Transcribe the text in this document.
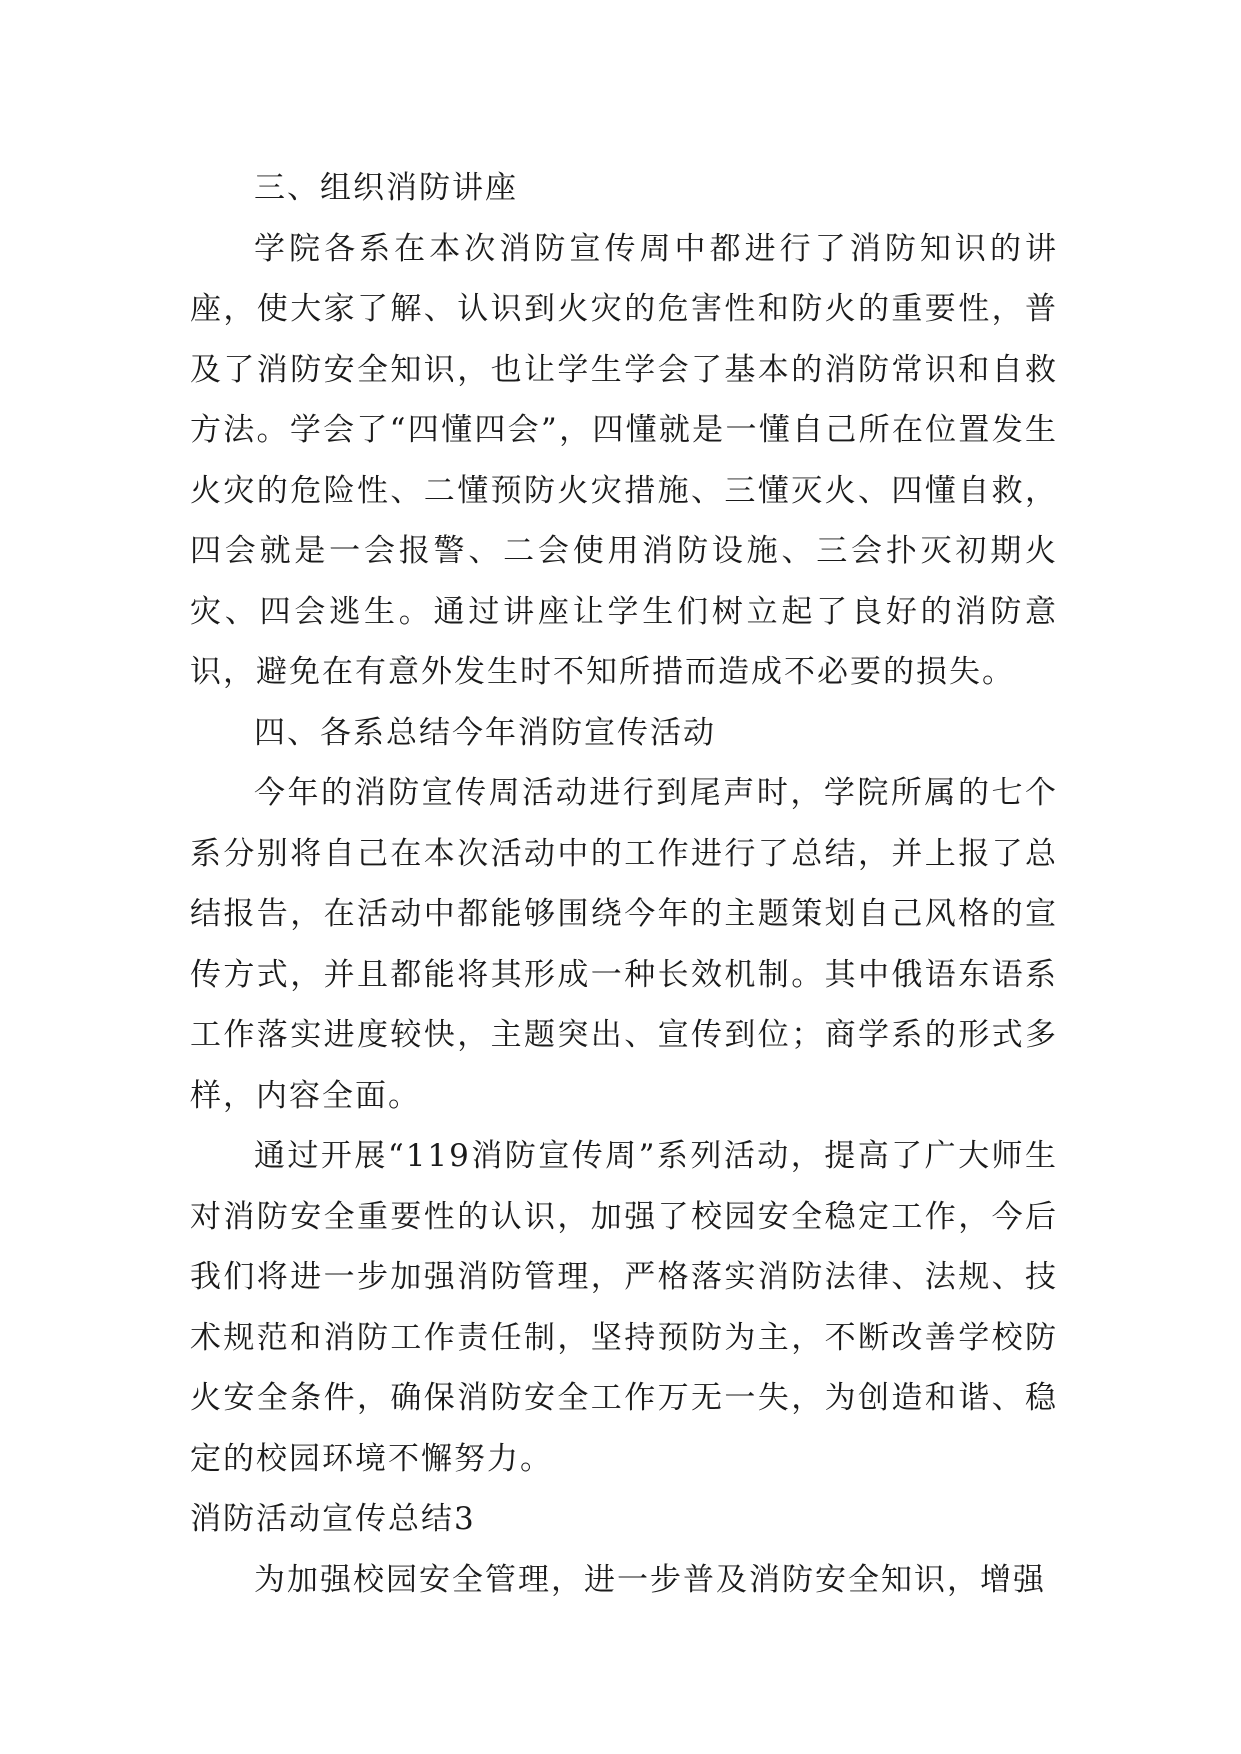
三、组织消防讲座

学院各系在本次消防宣传周中都进行了消防知识的讲座，使大家了解、认识到火灾的危害性和防火的重要性，普及了消防安全知识，也让学生学会了基本的消防常识和自救方法。学会了“四懂四会”，四懂就是一懂自己所在位置发生火灾的危险性、二懂预防火灾措施、三懂灭火、四懂自救，四会就是一会报警、二会使用消防设施、三会扑灭初期火灾、四会逃生。通过讲座让学生们树立起了良好的消防意识，避免在有意外发生时不知所措而造成不必要的损失。

四、各系总结今年消防宣传活动

今年的消防宣传周活动进行到尾声时，学院所属的七个系分别将自己在本次活动中的工作进行了总结，并上报了总结报告，在活动中都能够围绕今年的主题策划自己风格的宣传方式，并且都能将其形成一种长效机制。其中俄语东语系工作落实进度较快，主题突出、宣传到位；商学系的形式多样，内容全面。

通过开展“119消防宣传周”系列活动，提高了广大师生对消防安全重要性的认识，加强了校园安全稳定工作，今后我们将进一步加强消防管理，严格落实消防法律、法规、技术规范和消防工作责任制，坚持预防为主，不断改善学校防火安全条件，确保消防安全工作万无一失，为创造和谐、稳定的校园环境不懈努力。

消防活动宣传总结3

为加强校园安全管理，进一步普及消防安全知识，增强
